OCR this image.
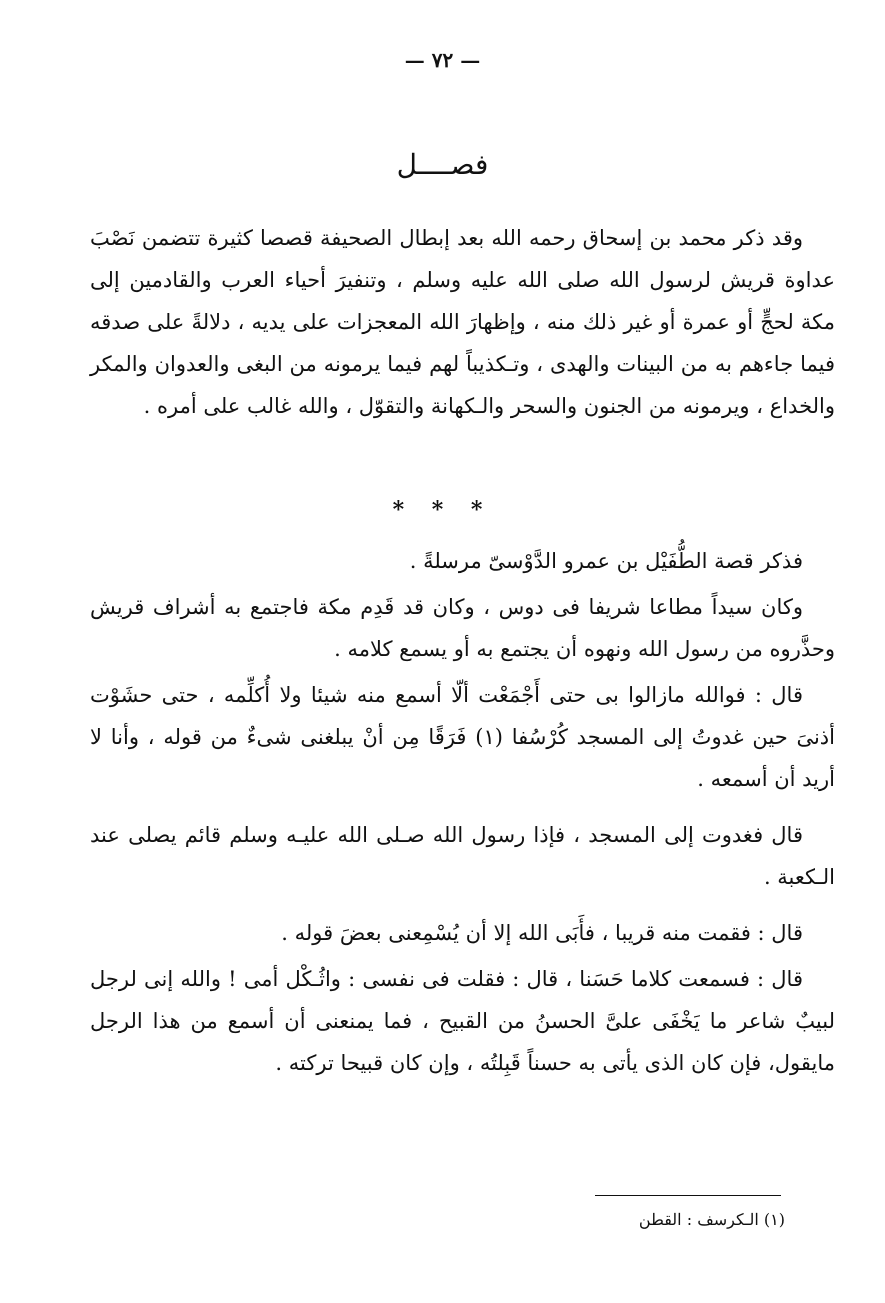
— ٧٢ —
فصــــل

وقد ذكر محمد بن إسحاق رحمه الله بعد إبطال الصحيفة قصصا كثيرة تتضمن نَصْبَ عداوة قريش لرسول الله صلى الله عليه وسلم ، وتنفيرَ أحياء العرب والقادمين إلى مكة لحجٍّ أو عمرة أو غير ذلك منه ، وإظهارَ الله المعجزات على يديه ، دلالةً على صدقه فيما جاءهم به من البينات والهدى ، وتـكذيباً لهم فيما يرمونه من البغى والعدوان والمكر والخداع ، ويرمونه من الجنون والسحر والـكهانة والتقوّل ، والله غالب على أمره .

* * *

فذكر قصة الطُّفَيْل بن عمرو الدَّوْسىّ مرسلةً .

وكان سيداً مطاعا شريفا فى دوس ، وكان قد قَدِم مكة فاجتمع به أشراف قريش وحذَّروه من رسول الله ونهوه أن يجتمع به أو يسمع كلامه .

قال : فوالله مازالوا بى حتى أَجْمَعْت ألّا أسمع منه شيئا ولا أُكلِّمه ، حتى حشَوْت أذنىَ حين غدوتُ إلى المسجد كُرْسُفا (١) فَرَقًا مِن أنْ يبلغنى شىءٌ من قوله ، وأنا لا أريد أن أسمعه .

قال فغدوت إلى المسجد ، فإذا رسول الله صـلى الله عليـه وسلم قائم يصلى عند الـكعبة .

قال : فقمت منه قريبا ، فأَبَى الله إلا أن يُسْمِعنى بعضَ قوله .

قال : فسمعت كلاما حَسَنا ، قال : فقلت فى نفسى : واثُـكْل أمى ! والله إنى لرجل لبيبٌ شاعر ما يَخْفَى علىَّ الحسنُ من القبيح ، فما يمنعنى أن أسمع من هذا الرجل مايقول، فإن كان الذى يأتى به حسناً قَبِلتُه ، وإن كان قبيحا تركته .

(١) الـكرسف : القطن
